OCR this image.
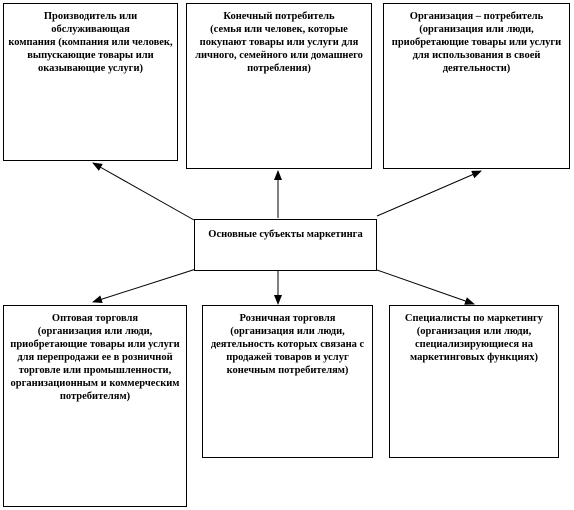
Производитель или обслуживающая
компания (компания или человек, выпускающие товары или оказывающие услуги)
Конечный потребитель
(семья или человек, которые покупают товары или услуги для личного, семейного или домашнего потребления)
Организация – потребитель
(организация или люди, приобретающие товары или услуги для использования в своей деятельности)
Основные субъекты маркетинга
Оптовая торговля
(организация или люди, приобретающие товары или услуги для перепродажи ее в розничной торговле или промышленности, организационным и коммерческим потребителям)
Розничная торговля
(организация или люди, деятельность которых связана с продажей товаров и услуг конечным потребителям)
Специалисты по маркетингу
(организация или люди, специализирующиеся на маркетинговых функциях)
